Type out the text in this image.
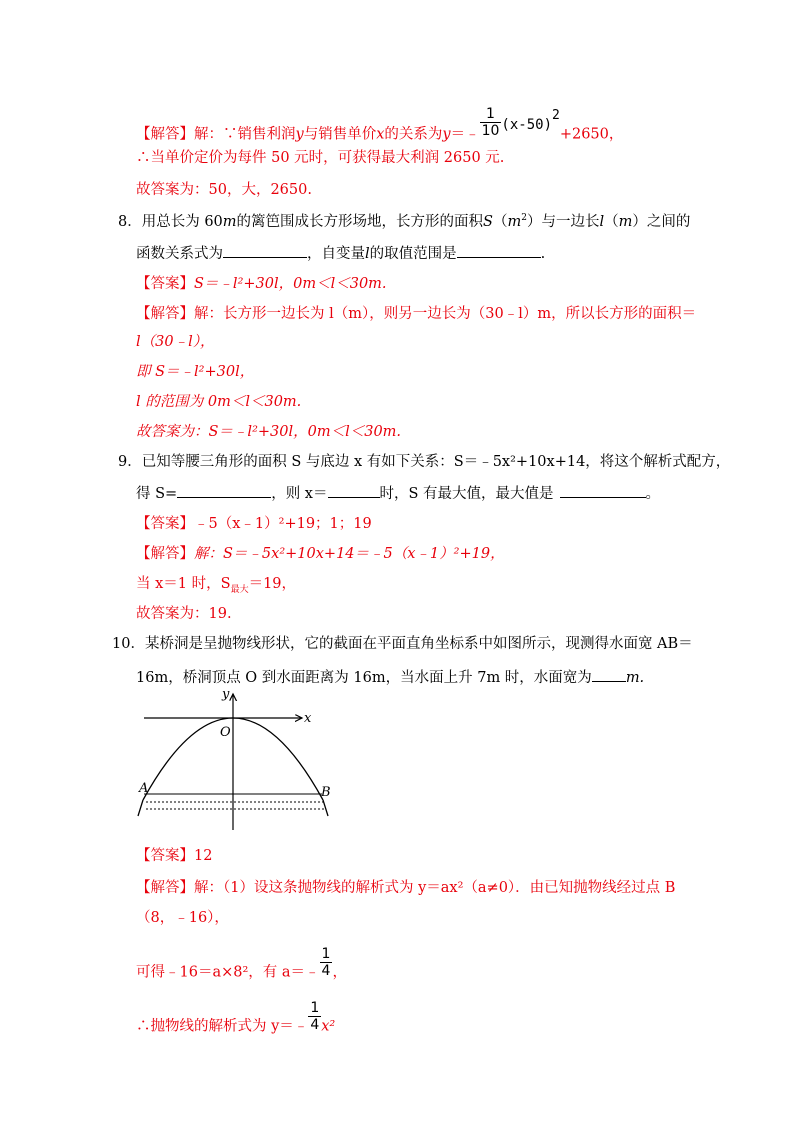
【解答】解：∵销售利润y与销售单价x的关系为y＝﹣ $\frac{1}{10} (x-50)2+2650$，
∴当单价定价为每件 50 元时，可获得最大利润 2650 元.
故答案为：50，大，2650.
8．用总长为 60m的篱笆围成长方形场地，长方形的面积$S(m^2)$与一边长l（m）之间的
函数关系式为	，自变量l的取值范围是	.
【答案】S＝﹣l²+30l，0m＜l＜30m.
【解答】解：长方形一边长为 l（m），则另一边长为（30﹣l）m，所以长方形的面积＝
l（30﹣l），
即 S＝﹣l²+30l，
l 的范围为 0m＜l＜30m.
故答案为：S＝﹣l²+30l，0m＜l＜30m.
9．已知等腰三角形的面积 S 与底边 x 有如下关系：S＝﹣5x²+10x+14，将这个解析式配方，
得 S=	，则 x＝	时，S 有最大值，最大值是	。
【答案】﹣5（x﹣1）²+19；1；19
【解答】解：S＝﹣5x²+10x+14＝﹣5（x﹣1）²+19，
当 x＝1 时，$S_{最大}=19$，
故答案为：19.
10．某桥洞是呈抛物线形状，它的截面在平面直角坐标系中如图所示，现测得水面宽 AB＝
16m，桥洞顶点 O 到水面距离为 16m，当水面上升 7m 时，水面宽为 m.
y
x
O
A	B
【答案】12
【解答】解：（1）设这条抛物线的解析式为 y＝ax²（a≠0）．由已知抛物线经过点 B
（8，﹣16），
可得﹣16＝a×8²，有 a＝﹣ $\frac{1}{4}$ ，
∴抛物线的解析式为 y＝﹣ $\frac{1}{4} x^2$
